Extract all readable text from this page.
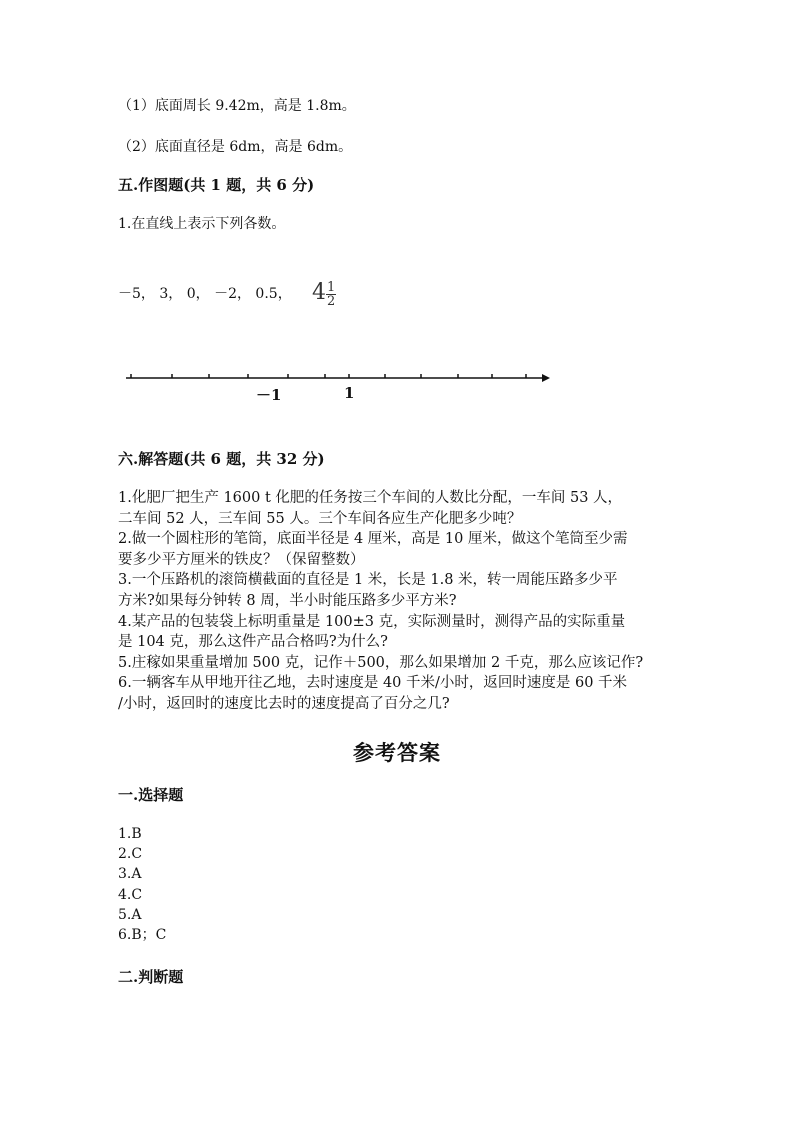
（1）底面周长 9.42m，高是 1.8m。
（2）底面直径是 6dm，高是 6dm。
五.作图题(共 1 题，共 6 分)
1.在直线上表示下列各数。
－5， 3， 0， －2， 0.5， $4 \frac{1}{2}$
－1	1
六.解答题(共 6 题，共 32 分)
1.化肥厂把生产 1600 t 化肥的任务按三个车间的人数比分配，一车间 53 人，
二车间 52 人，三车间 55 人。三个车间各应生产化肥多少吨？
2.做一个圆柱形的笔筒，底面半径是 4 厘米，高是 10 厘米，做这个笔筒至少需
要多少平方厘米的铁皮？（保留整数）
3.一个压路机的滚筒横截面的直径是 1 米，长是 1.8 米，转一周能压路多少平
方米?如果每分钟转 8 周，半小时能压路多少平方米?
4.某产品的包装袋上标明重量是 100±3 克，实际测量时，测得产品的实际重量
是 104 克，那么这件产品合格吗?为什么?
5.庄稼如果重量增加 500 克，记作＋500，那么如果增加 2 千克，那么应该记作?
6.一辆客车从甲地开往乙地，去时速度是 40 千米/小时，返回时速度是 60 千米
/小时，返回时的速度比去时的速度提高了百分之几?
参考答案
一.选择题
1.B
2.C
3.A
4.C
5.A
6.B；C
二.判断题
